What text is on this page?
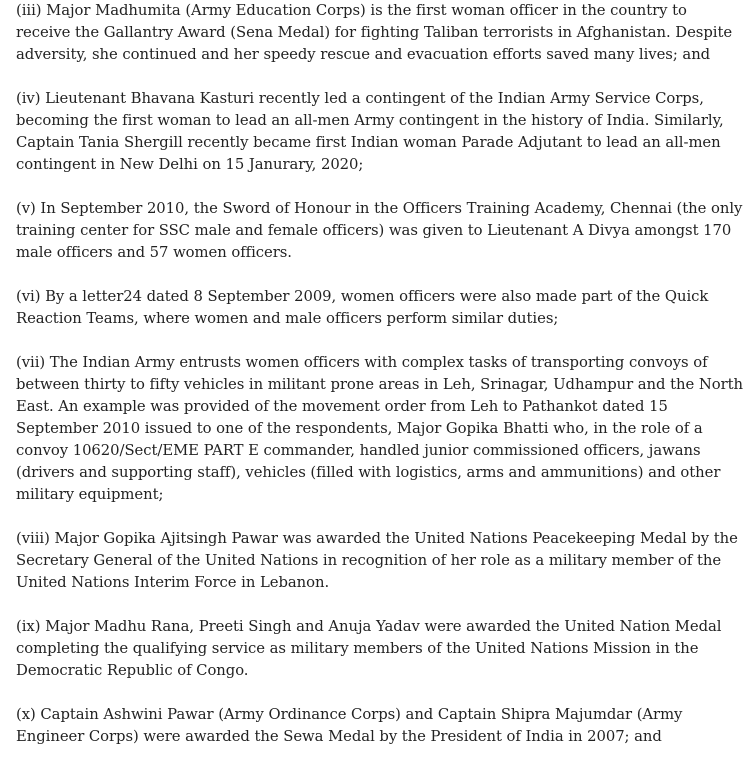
(iii) Major Madhumita (Army Education Corps) is the first woman officer in the country to receive the Gallantry Award (Sena Medal) for fighting Taliban terrorists in Afghanistan. Despite adversity, she continued and her speedy rescue and evacuation efforts saved many lives; and

(iv) Lieutenant Bhavana Kasturi recently led a contingent of the Indian Army Service Corps, becoming the first woman to lead an all-men Army contingent in the history of India. Similarly, Captain Tania Shergill recently became first Indian woman Parade Adjutant to lead an all-men contingent in New Delhi on 15 Janurary, 2020;

(v) In September 2010, the Sword of Honour in the Officers Training Academy, Chennai (the only training center for SSC male and female officers) was given to Lieutenant A Divya amongst 170 male officers and 57 women officers.

(vi) By a letter24 dated 8 September 2009, women officers were also made part of the Quick Reaction Teams, where women and male officers perform similar duties;

(vii) The Indian Army entrusts women officers with complex tasks of transporting convoys of between thirty to fifty vehicles in militant prone areas in Leh, Srinagar, Udhampur and the North East. An example was provided of the movement order from Leh to Pathankot dated 15 September 2010 issued to one of the respondents, Major Gopika Bhatti who, in the role of a convoy 10620/Sect/EME PART E commander, handled junior commissioned officers, jawans (drivers and supporting staff), vehicles (filled with logistics, arms and ammunitions) and other military equipment;

(viii) Major Gopika Ajitsingh Pawar was awarded the United Nations Peacekeeping Medal by the Secretary General of the United Nations in recognition of her role as a military member of the United Nations Interim Force in Lebanon.

(ix) Major Madhu Rana, Preeti Singh and Anuja Yadav were awarded the United Nation Medal completing the qualifying service as military members of the United Nations Mission in the Democratic Republic of Congo.

(x) Captain Ashwini Pawar (Army Ordinance Corps) and Captain Shipra Majumdar (Army Engineer Corps) were awarded the Sewa Medal by the President of India in 2007; and
